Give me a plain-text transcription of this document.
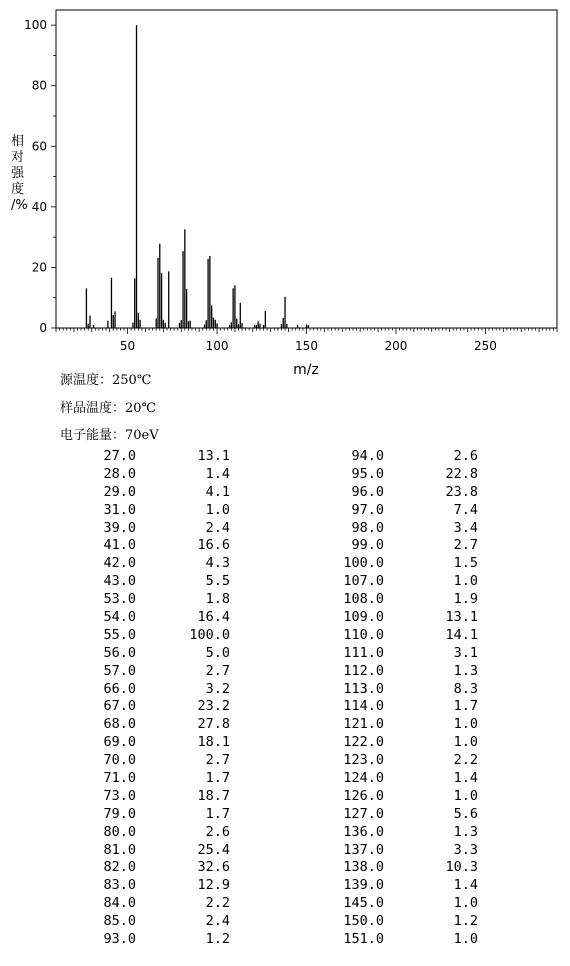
50	100	150	200	250
0
20
40
60
80
100
m/z
相 对 强 度 /%
源温度：250℃
样品温度：20℃
电子能量：70eV
27.0	13.1	94.0	2.6
28.0	1.4	95.0	22.8
29.0	4.1	96.0	23.8
31.0	1.0	97.0	7.4
39.0	2.4	98.0	3.4
41.0	16.6	99.0	2.7
42.0	4.3	100.0	1.5
43.0	5.5	107.0	1.0
53.0	1.8	108.0	1.9
54.0	16.4	109.0	13.1
55.0	100.0	110.0	14.1
56.0	5.0	111.0	3.1
57.0	2.7	112.0	1.3
66.0	3.2	113.0	8.3
67.0	23.2	114.0	1.7
68.0	27.8	121.0	1.0
69.0	18.1	122.0	1.0
70.0	2.7	123.0	2.2
71.0	1.7	124.0	1.4
73.0	18.7	126.0	1.0
79.0	1.7	127.0	5.6
80.0	2.6	136.0	1.3
81.0	25.4	137.0	3.3
82.0	32.6	138.0	10.3
83.0	12.9	139.0	1.4
84.0	2.2	145.0	1.0
85.0	2.4	150.0	1.2
93.0	1.2	151.0	1.0
